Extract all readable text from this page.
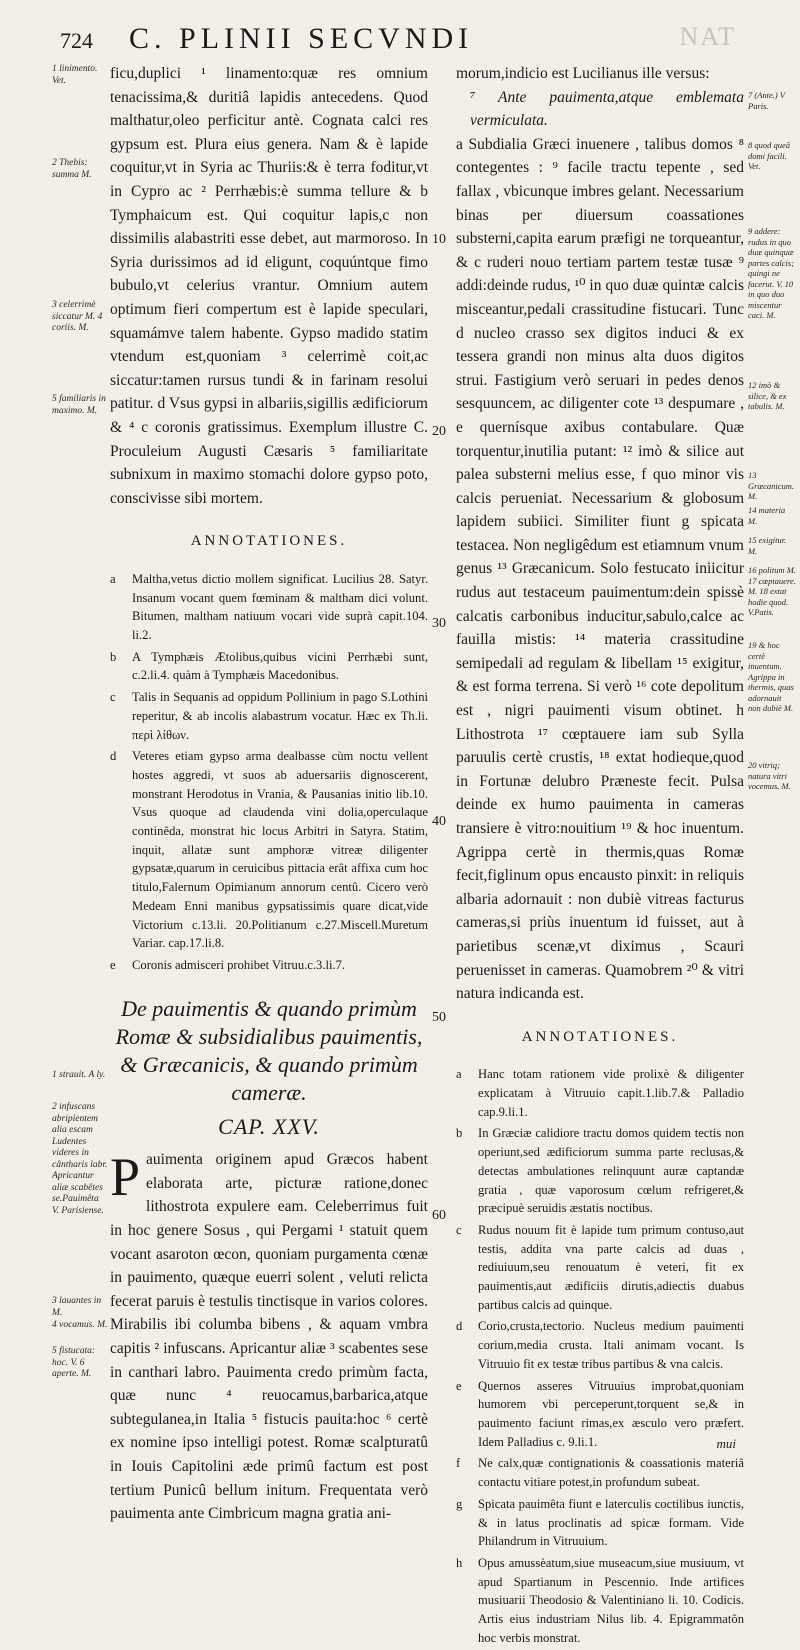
724 C. PLINII SECVNDI	NAT
1 linimento. Vet.
2 Thebis: summa M.
3 celerrimè siccatur M. 4 coriis. M.
5 familiaris in maximo. M.
1 strauit. A ly.
2 infuscans abripientem alia escam Ludentes videres in cântharis labr. Apricantur aliæ scabêtes se.Pauimêta V. Parisiense.
3 lauantes in M.
4 vocamus. M.
5 fistucata: hoc. V. 6 aperte. M.

ficu,duplici ¹ linamento:quæ res omnium tenacissima,& duritiâ lapidis antecedens. Quod malthatur,oleo perficitur antè. Cognata calci res gypsum est. Plura eius genera. Nam & è lapide coquitur,vt in Syria ac Thuriis:& è terra foditur,vt in Cypro ac ² Perrhæbis:è summa tellure & b Tymphaicum est. Qui coquitur lapis,c non dissimilis alabastriti esse debet, aut marmoroso. In Syria durissimos ad id eligunt, coquúntque fimo bubulo,vt celerius vrantur. Omnium autem optimum fieri compertum est è lapide speculari, squamámve talem habente. Gypso madido statim vtendum est,quoniam ³ celerrimè coit,ac siccatur:tamen rursus tundi & in farinam resolui patitur. d Vsus gypsi in albariis,sigillis ædificiorum & ⁴ c coronis gratissimus. Exemplum illustre C. Proculeium Augusti Cæsaris ⁵ familiaritate subnixum in maximo stomachi dolore gypso poto, conscivisse sibi mortem.

ANNOTATIONES.
a	Maltha,vetus dictio mollem significat. Lucilius 28. Satyr. Insanum vocant quem fœminam & maltham dici volunt. Bitumen, maltham natiuum vocari vide suprà capit.104. li.2.
b	A Tymphæis Ætolibus,quibus vicini Perrhæbi sunt, c.2.li.4. quàm à Tymphæis Macedonibus.
c	Talis in Sequanis ad oppidum Pollinium in pago S.Lothini reperitur, & ab incolis alabastrum vocatur. Hæc ex Th.li. περὶ λίθων.
d	Veteres etiam gypso arma dealbasse cùm noctu vellent hostes aggredi, vt suos ab aduersariis dignoscerent, monstrant Herodotus in Vrania, & Pausanias initio lib.10. Vsus quoque ad claudenda vini dolia,operculaque continêda, monstrat hic locus Arbitri in Satyra. Statim, inquit, allatæ sunt amphoræ vitreæ diligenter gypsatæ,quarum in ceruicibus pittacia erât affixa cum hoc titulo,Falernum Opimianum annorum centû. Cicero verò Medeam Enni manibus gypsatissimis quare dicat,vide Victorium c.13.li. 20.Politianum c.27.Miscell.Muretum Variar. cap.17.li.8.
e	Coronis admisceri prohibet Vitruu.c.3.li.7.
De pauimentis & quando primùm Romæ & subsidialibus pauimentis, & Græcanicis, & quando primùm cameræ.
CAP. XXV.

Pauimenta originem apud Græcos habent elaborata arte, picturæ ratione,donec lithostrota expulere eam. Celeberrimus fuit in hoc genere Sosus , qui Pergami ¹ statuit quem vocant asaroton œcon, quoniam purgamenta cœnæ in pauimento, quæque euerri solent , veluti relicta fecerat paruis è testulis tinctisque in varios colores. Mirabilis ibi columba bibens , & aquam vmbra capitis ² infuscans. Apricantur aliæ ³ scabentes sese in canthari labro. Pauimenta credo primùm facta, quæ nunc ⁴ reuocamus,barbarica,atque subtegulanea,in Italia ⁵ fistucis pauita:hoc ⁶ certè ex nomine ipso intelligi potest. Romæ scalpturatû in Iouis Capitolini æde primû factum est post tertium Punicû bellum initum. Frequentata verò pauimenta ante Cimbricum magna gratia ani-

10
20
30
40
50
60

morum,indicio est Lucilianus ille versus:

⁷ Ante pauimenta,atque emblemata vermiculata.

a Subdialia Græci inuenere , talibus domos ⁸ contegentes : ⁹ facile tractu tepente , sed fallax , vbicunque imbres gelant. Necessarium binas per diuersum coassationes substerni,capita earum præfigi ne torqueantur, & c ruderi nouo tertiam partem testæ tusæ ⁹ addi:deinde rudus, ¹⁰ in quo duæ quintæ calcis misceantur,pedali crassitudine fistucari. Tunc d nucleo crasso sex digitos induci & ex tessera grandi non minus alta duos digitos strui. Fastigium verò seruari in pedes denos sesquuncem, ac diligenter cote ¹³ despumare , e quernísque axibus contabulare. Quæ torquentur,inutilia putant: ¹² imò & silice aut palea substerni melius esse, f quo minor vis calcis perueniat. Necessarium & globosum lapidem subiici. Similiter fiunt g spicata testacea. Non negligêdum est etiamnum vnum genus ¹³ Græcanicum. Solo festucato iniicitur rudus aut testaceum pauimentum:dein spissè calcatis carbonibus inducitur,sabulo,calce ac fauilla mistis: ¹⁴ materia crassitudine semipedali ad regulam & libellam ¹⁵ exigitur, & est forma terrena. Si verò ¹⁶ cote depolitum est , nigri pauimenti visum obtinet. h Lithostrota ¹⁷ cœptauere iam sub Sylla paruulis certè crustis, ¹⁸ extat hodieque,quod in Fortunæ delubro Præneste fecit. Pulsa deinde ex humo pauimenta in cameras transiere è vitro:nouitium ¹⁹ & hoc inuentum. Agrippa certè in thermis,quas Romæ fecit,figlinum opus encausto pinxit: in reliquis albaria adornauit : non dubiè vitreas facturus cameras,si priùs inuentum id fuisset, aut à parietibus scenæ,vt diximus , Scauri peruenisset in cameras. Quamobrem ²⁰ & vitri natura indicanda est.

ANNOTATIONES.
a	Hanc totam rationem vide prolixè & diligenter explicatam à Vitruuio capit.1.lib.7.& Palladio cap.9.li.1.
b	In Græciæ calidiore tractu domos quidem tectis non operiunt,sed ædificiorum summa parte reclusas,& detectas ambulationes relinquunt auræ captandæ gratia , quæ vaporosum cœlum refrigeret,& præcipuè seruidis æstatis noctibus.
c	Rudus nouum fit è lapide tum primum contuso,aut testis, addita vna parte calcis ad duas , rediuiuum,seu renouatum è veteri, fit ex pauimentis,aut ædificiis dirutis,adiectis duabus partibus calcis ad quinque.
d	Corio,crusta,tectorio. Nucleus medium pauimenti corium,media crusta. Itali animam vocant. Is Vitruuio fit ex testæ tribus partibus & vna calcis.
e	Quernos asseres Vitruuius improbat,quoniam humorem vbi perceperunt,torquent se,& in pauimento faciunt rimas,ex æsculo vero præfert. Idem Palladius c. 9.li.1.
f	Ne calx,quæ contignationis & coassationis materiâ contactu vitiare potest,in profundum subeat.
g	Spicata pauimêta fiunt e laterculis coctilibus iunctis, & in latus proclinatis ad spicæ formam. Vide Philandrum in Vitruuium.
h	Opus amussèatum,siue museacum,siue musiuum, vt apud Spartianum in Pescennio. Inde artifices musiuarii Theodosio & Valentiniano li. 10. Codicis. Artis eius industriam Nilus lib. 4. Epigrammatôn hoc verbis monstrat.
7 (Ante.) V Paris.
8 quod queâ domi facili. Vet.
9 addere: rudus in quo duæ quinquæ partes calcis; quingi ne facerut. V. 10 in quo duo miscentur caci. M.
12 imò & silice, & ex tabulis. M.
13 Græcanicum. M.
14 materia M.
15 exigitur. M.
16 politum M. 17 cœptauere. M. 18 extat hodie quod. V.Patis.
19 & hoc certè inuentum. Agrippa in thermis, quas adornauit non dubiè M.
20 vitriq; natura vitri vocemus. M.
mui
